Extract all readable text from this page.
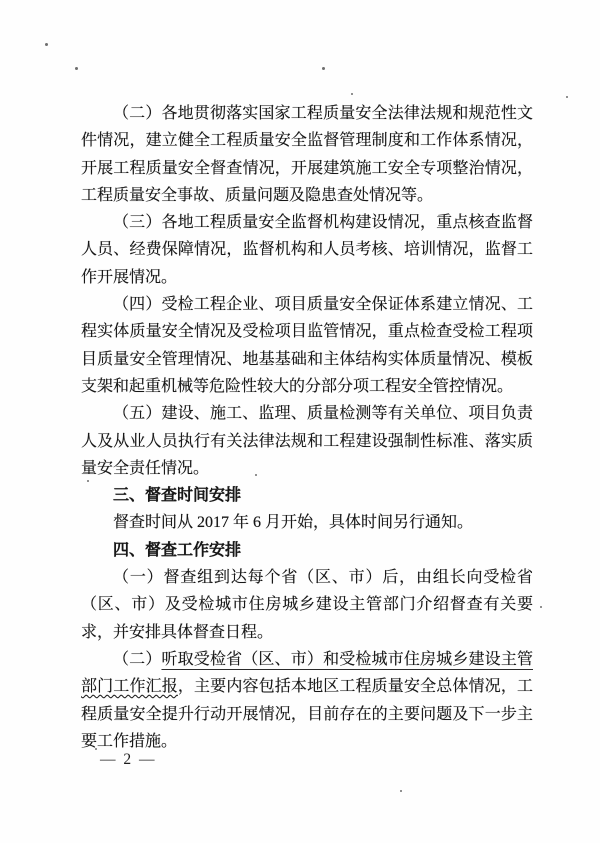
（二）各地贯彻落实国家工程质量安全法律法规和规范性文
件情况，建立健全工程质量安全监督管理制度和工作体系情况，
开展工程质量安全督查情况，开展建筑施工安全专项整治情况，
工程质量安全事故、质量问题及隐患查处情况等。
（三）各地工程质量安全监督机构建设情况，重点核查监督
人员、经费保障情况，监督机构和人员考核、培训情况，监督工
作开展情况。
（四）受检工程企业、项目质量安全保证体系建立情况、工
程实体质量安全情况及受检项目监管情况，重点检查受检工程项
目质量安全管理情况、地基基础和主体结构实体质量情况、模板
支架和起重机械等危险性较大的分部分项工程安全管控情况。
（五）建设、施工、监理、质量检测等有关单位、项目负责
人及从业人员执行有关法律法规和工程建设强制性标准、落实质
量安全责任情况。
三、督查时间安排
督查时间从 2017 年 6 月开始，具体时间另行通知。
四、督查工作安排
（一）督查组到达每个省（区、市）后，由组长向受检省
（区、市）及受检城市住房城乡建设主管部门介绍督查有关要
求，并安排具体督查日程。
（二）听取受检省（区、市）和受检城市住房城乡建设主管
部门工作汇报，主要内容包括本地区工程质量安全总体情况，工
程质量安全提升行动开展情况，目前存在的主要问题及下一步主
要工作措施。
— 2 —
